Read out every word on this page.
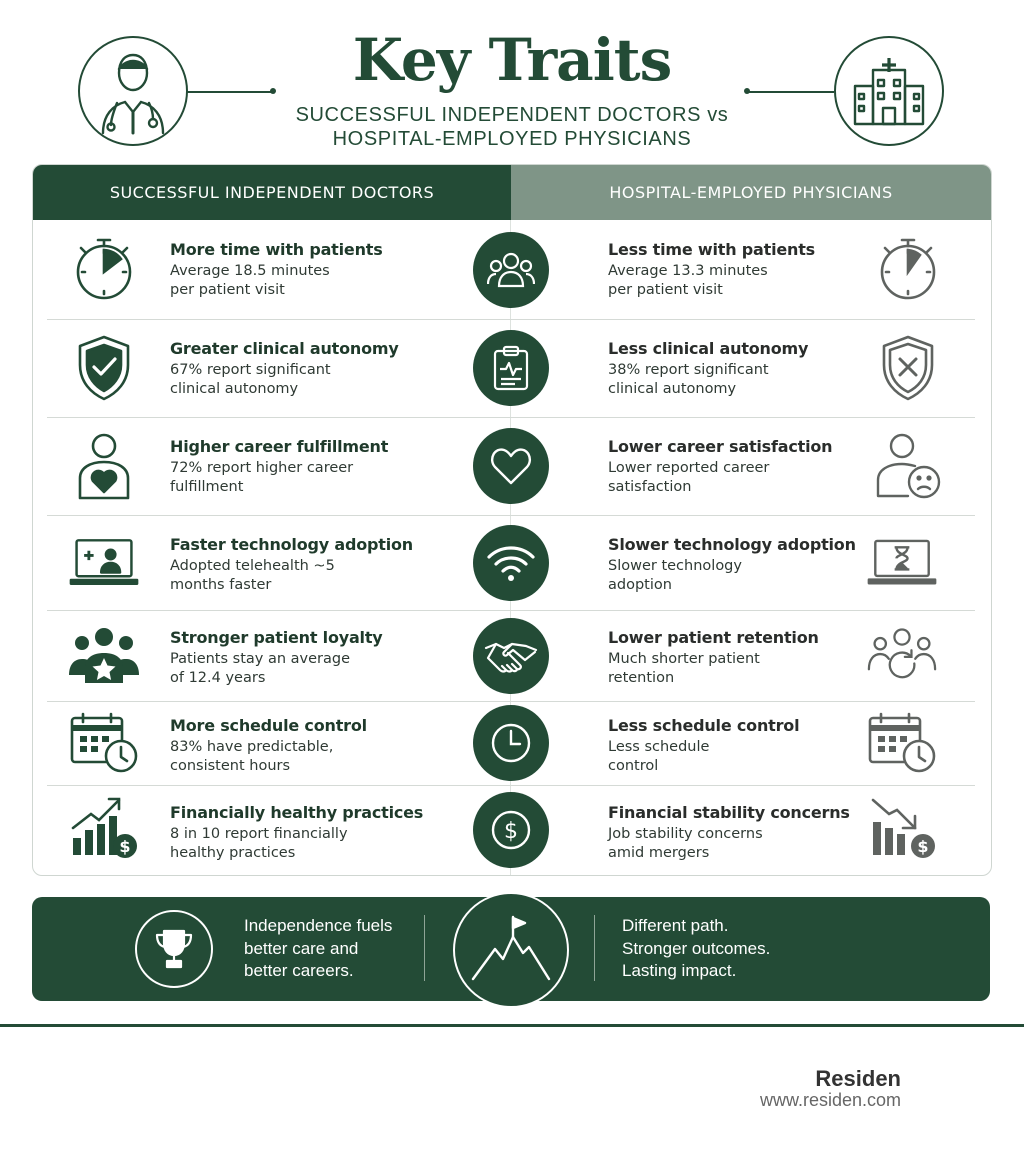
Key Traits
SUCCESSFUL INDEPENDENT DOCTORS vs
HOSPITAL-EMPLOYED PHYSICIANS
SUCCESSFUL INDEPENDENT DOCTORS	HOSPITAL-EMPLOYED PHYSICIANS
More time with patients
Average 18.5 minutes
per patient visit
Less time with patients
Average 13.3 minutes
per patient visit
Greater clinical autonomy
67% report significant
clinical autonomy
Less clinical autonomy
38% report significant
clinical autonomy
Higher career fulfillment
72% report higher career
fulfillment
Lower career satisfaction
Lower reported career
satisfaction
Faster technology adoption
Adopted telehealth ~5
months faster
Slower technology adoption
Slower technology
adoption
Stronger patient loyalty
Patients stay an average
of 12.4 years
Lower patient retention
Much shorter patient
retention
More schedule control
83% have predictable,
consistent hours
Less schedule control
Less schedule
control
$
Financially healthy practices
8 in 10 report financially
healthy practices
$
Financial stability concerns
Job stability concerns
amid mergers	$
Independence fuels
better care and
better careers.
Different path.
Stronger outcomes.
Lasting impact.
Residen
www.residen.com
